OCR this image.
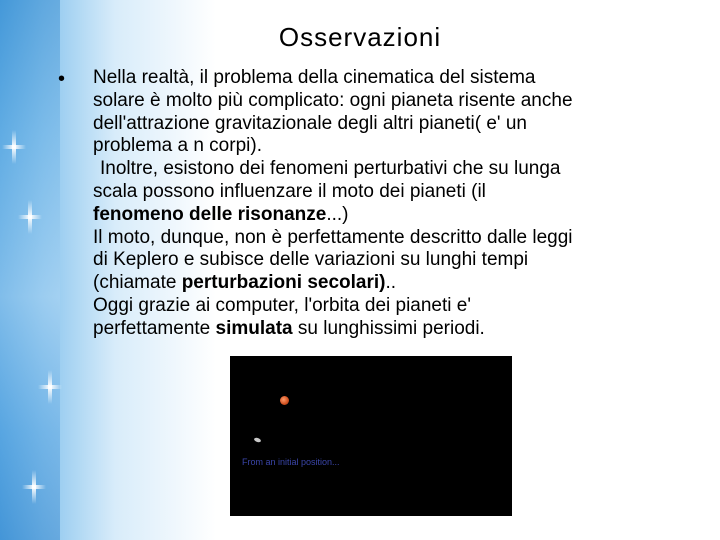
Osservazioni
• Nella realtà, il problema della cinematica del sistema
solare è molto più complicato: ogni pianeta risente anche
dell'attrazione gravitazionale degli altri pianeti( e' un
problema a n corpi).
Inoltre, esistono dei fenomeni perturbativi che su lunga
scala possono influenzare il moto dei pianeti (il
fenomeno delle risonanze...)
Il moto, dunque, non è perfettamente descritto dalle leggi
di Keplero e subisce delle variazioni su lunghi tempi
(chiamate perturbazioni secolari)..
Oggi grazie ai computer, l'orbita dei pianeti e'
perfettamente simulata su lunghissimi periodi.
From an initial position...
